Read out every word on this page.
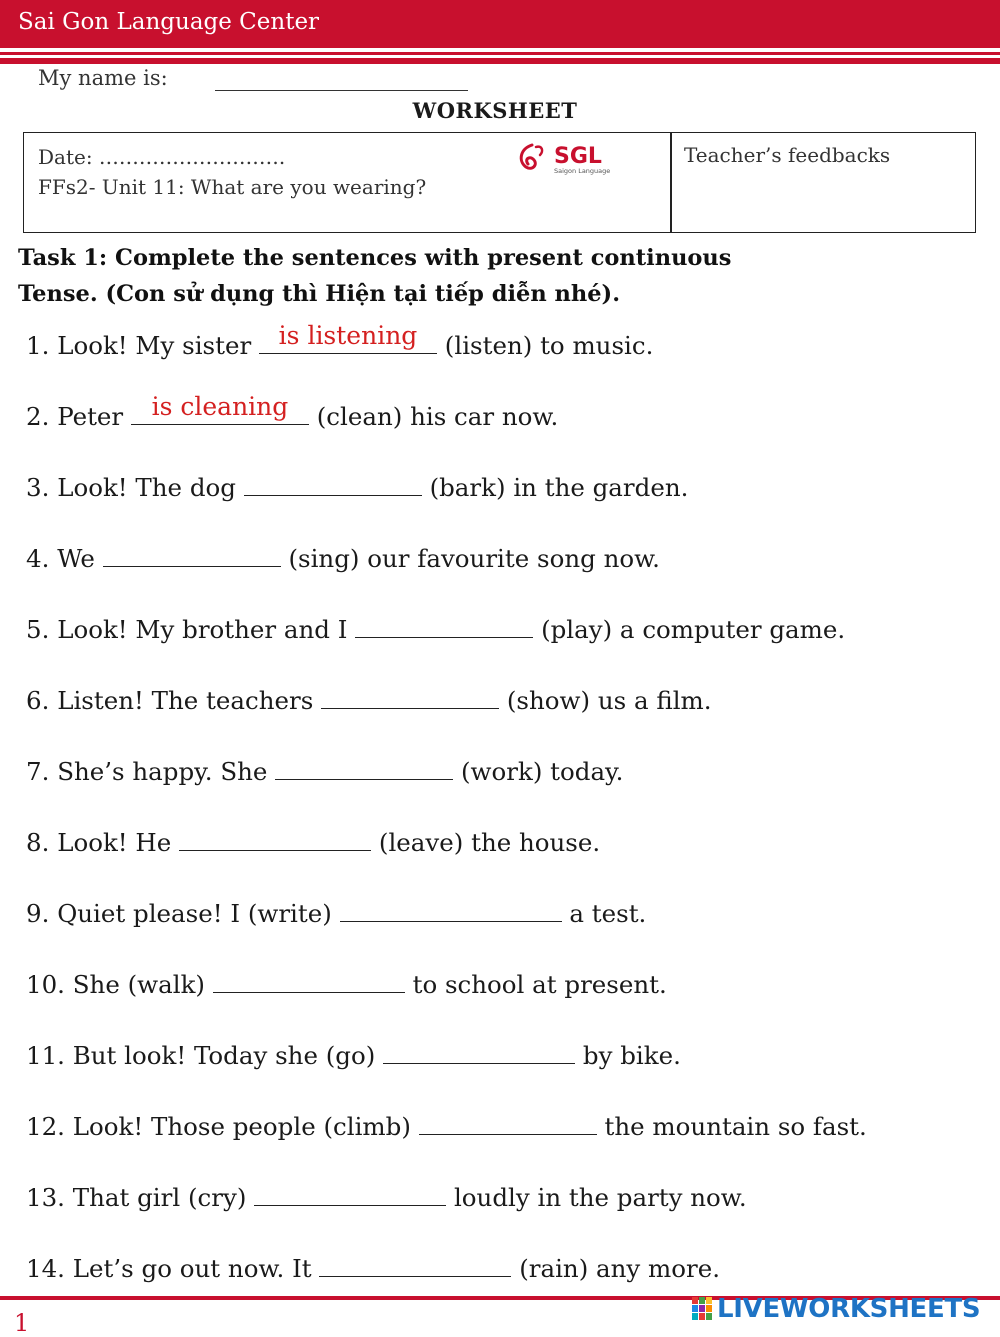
Sai Gon Language Center
My name is:
WORKSHEET
Date: ……………………….
FFs2- Unit 11: What are you wearing?
Teacher’s feedbacks
SGL
Saigon Language
Task 1: Complete the sentences with present continuous
Tense. (Con sử dụng thì Hiện tại tiếp diễn nhé).
1. Look! My sister	is listening	(listen) to music.
2. Peter	is cleaning	(clean) his car now.
3. Look! The dog	(bark) in the garden.
4. We	(sing) our favourite song now.
5. Look! My brother and I	(play) a computer game.
6. Listen! The teachers	(show) us a film.
7. She’s happy. She	(work) today.
8. Look! He	(leave) the house.
9. Quiet please! I (write)	a test.
10. She (walk)	to school at present.
11. But look! Today she (go)	by bike.
12. Look! Those people (climb)	the mountain so fast.
13. That girl (cry)	loudly in the party now.
14. Let’s go out now. It	(rain) any more.
1	LIVEWORKSHEETS
